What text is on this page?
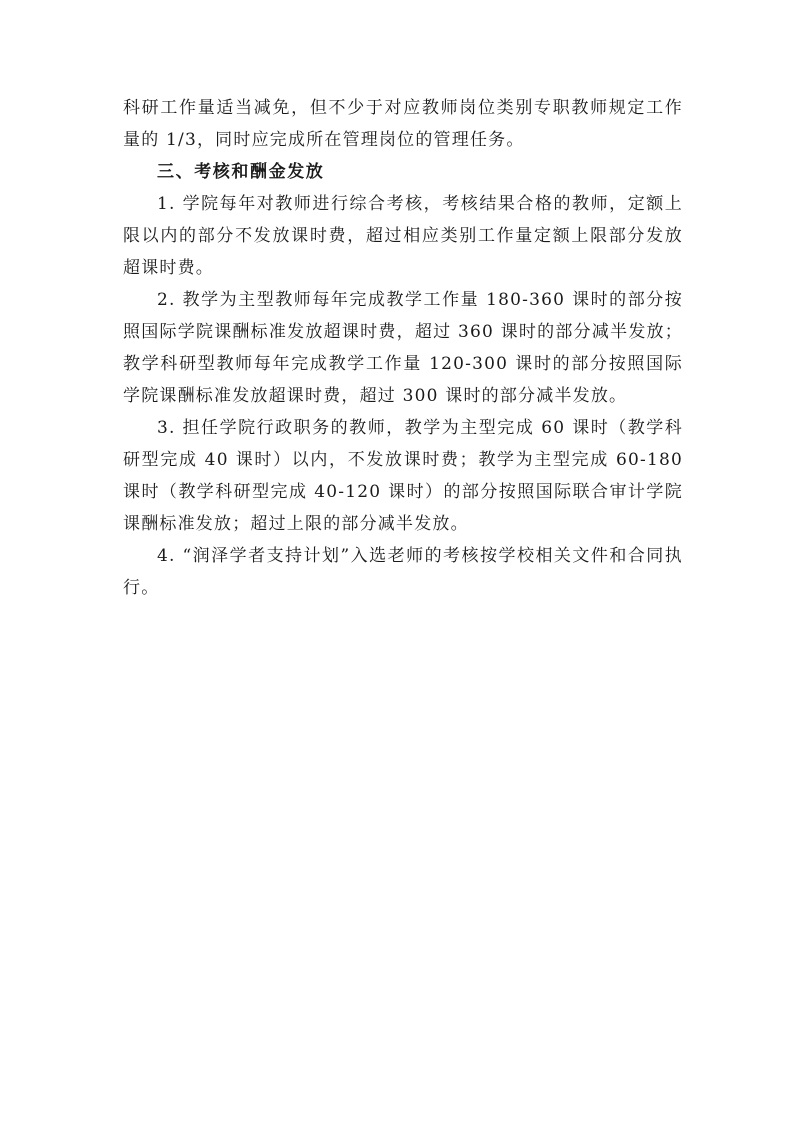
科研工作量适当减免，但不少于对应教师岗位类别专职教师规定工作量的 1/3，同时应完成所在管理岗位的管理任务。

三、考核和酬金发放

1. 学院每年对教师进行综合考核，考核结果合格的教师，定额上限以内的部分不发放课时费，超过相应类别工作量定额上限部分发放超课时费。

2. 教学为主型教师每年完成教学工作量 180-360 课时的部分按照国际学院课酬标准发放超课时费，超过 360 课时的部分减半发放；教学科研型教师每年完成教学工作量 120-300 课时的部分按照国际学院课酬标准发放超课时费，超过 300 课时的部分减半发放。

3. 担任学院行政职务的教师，教学为主型完成 60 课时（教学科研型完成 40 课时）以内，不发放课时费；教学为主型完成 60-180 课时（教学科研型完成 40-120 课时）的部分按照国际联合审计学院课酬标准发放；超过上限的部分减半发放。

4. “润泽学者支持计划”入选老师的考核按学校相关文件和合同执行。
